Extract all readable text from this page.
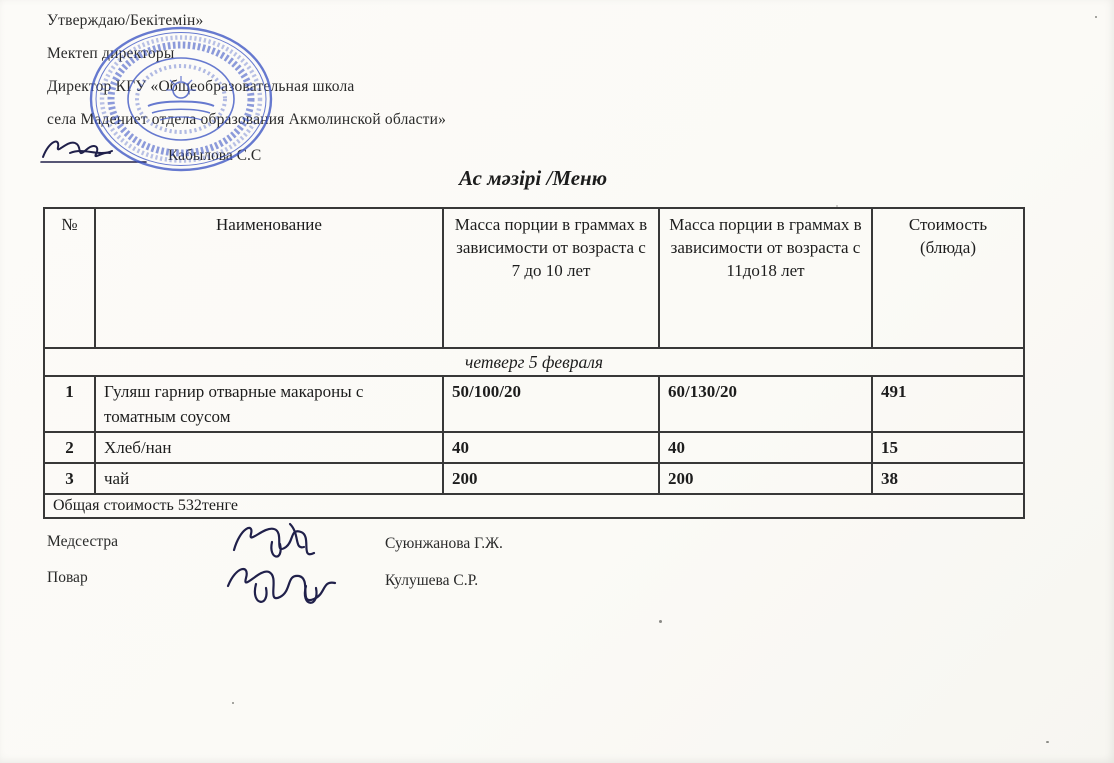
Утверждаю/Бекітемін»

Мектеп директоры

Директор КГУ «Общеобразовательная школа

села Мадениет отдела образования Акмолинской области»

Кабылова С.С
Ас мәзірі /Меню
№	Наименование	Масса порции в граммах в зависимости от возраста с 7 до 10 лет	Масса порции в граммах в зависимости от возраста с 11до18 лет	Стоимость (блюда)
четверг 5 февраля				
1	Гуляш гарнир отварные макароны с томатным соусом	50/100/20	60/130/20	491
2	Хлеб/нан	40	40	15
3	чай	200	200	38
Общая стоимость 532тенге				
Медсестра	Суюнжанова Г.Ж.
Повар	Кулушева С.Р.
